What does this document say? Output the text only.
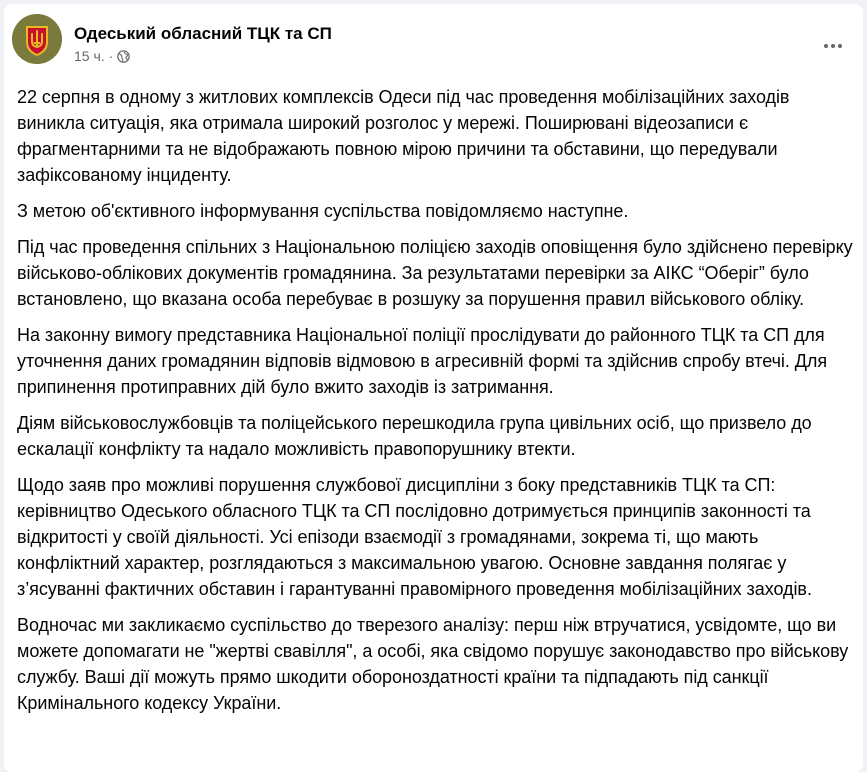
Одеський обласний ТЦК та СП
15 ч. ·

22 серпня в одному з житлових комплексів Одеси під час проведення мобілізаційних заходів виникла ситуація, яка отримала широкий розголос у мережі. Поширювані відеозаписи є фрагментарними та не відображають повною мірою причини та обставини, що передували зафіксованому інциденту.

З метою об'єктивного інформування суспільства повідомляємо наступне.

Під час проведення спільних з Національною поліцією заходів оповіщення було здійснено перевірку військово-облікових документів громадянина. За результатами перевірки за АІКС “Оберіг” було встановлено, що вказана особа перебуває в розшуку за порушення правил військового обліку.

На законну вимогу представника Національної поліції прослідувати до районного ТЦК та СП для уточнення даних громадянин відповів відмовою в агресивній формі та здійснив спробу втечі. Для припинення протиправних дій було вжито заходів із затримання.

Діям військовослужбовців та поліцейського перешкодила група цивільних осіб, що призвело до ескалації конфлікту та надало можливість правопорушнику втекти.

Щодо заяв про можливі порушення службової дисципліни з боку представників ТЦК та СП: керівництво Одеського обласного ТЦК та СП послідовно дотримується принципів законності та відкритості у своїй діяльності. Усі епізоди взаємодії з громадянами, зокрема ті, що мають конфліктний характер, розглядаються з максимальною увагою. Основне завдання полягає у з’ясуванні фактичних обставин і гарантуванні правомірного проведення мобілізаційних заходів.

Водночас ми закликаємо суспільство до тверезого аналізу: перш ніж втручатися, усвідомте, що ви можете допомагати не "жертві свавілля", а особі, яка свідомо порушує законодавство про військову службу. Ваші дії можуть прямо шкодити обороноздатності країни та підпадають під санкції Кримінального кодексу України.
